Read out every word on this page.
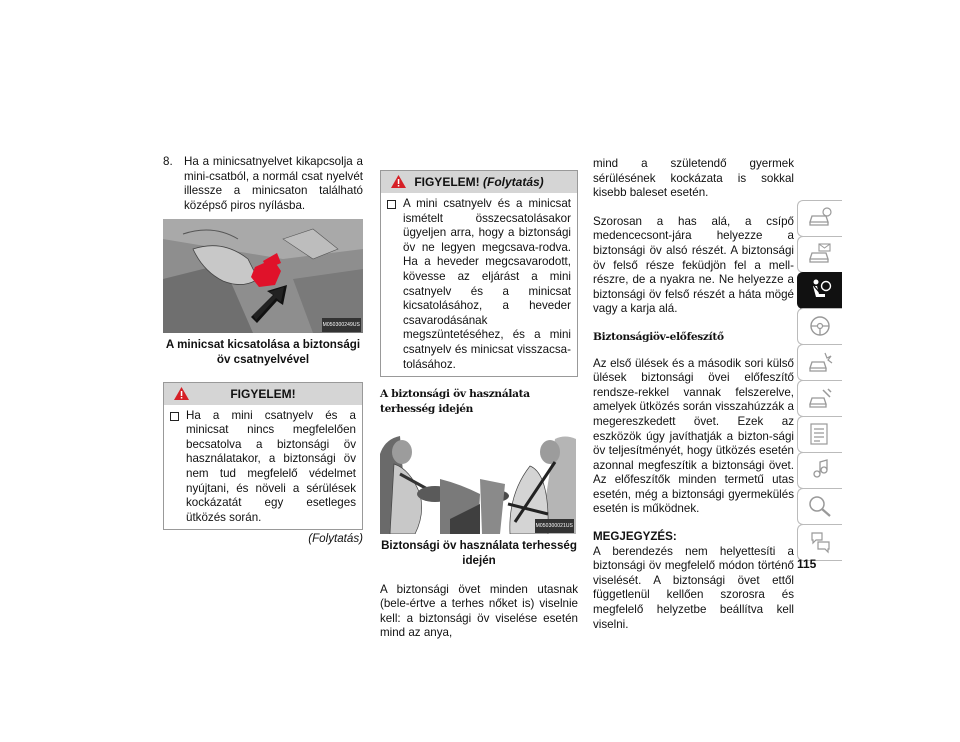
8. Ha a minicsatnyelvet kikapcsolja a mini-csatból, a normál csat nyelvét illessze a minicsaton található középső piros nyílásba.
M050300249US
A minicsat kicsatolása a biztonsági öv csatnyelvével
FIGYELEM!
Ha a mini csatnyelv és a minicsat nincs megfelelően becsatolva a biztonsági öv használatakor, a biztonsági öv nem tud megfelelő védelmet nyújtani, és növeli a sérülések kockázatát egy esetleges ütközés során.
(Folytatás)
FIGYELEM! (Folytatás)
A mini csatnyelv és a minicsat ismételt összecsatolásakor ügyeljen arra, hogy a biztonsági öv ne legyen megcsava-rodva. Ha a heveder megcsavarodott, kövesse az eljárást a mini csatnyelv és a minicsat kicsatolásához, a heveder csavarodásának megszüntetéséhez, és a mini csatnyelv és minicsat visszacsa-tolásához.

A biztonsági öv használata terhesség idején

M050300021US
Biztonsági öv használata terhesség idején

A biztonsági övet minden utasnak (bele-értve a terhes nőket is) viselnie kell: a biztonsági öv viselése esetén mind az anya,

mind a születendő gyermek sérülésének kockázata is sokkal kisebb baleset esetén.

Szorosan a has alá, a csípő medencecsont-jára helyezze a biztonsági öv alsó részét. A biztonsági öv felső része feküdjön fel a mell-részre, de a nyakra ne. Ne helyezze a biztonsági öv felső részét a háta mögé vagy a karja alá.

Biztonságiöv-előfeszítő

Az első ülések és a második sori külső ülések biztonsági övei előfeszítő rendsze-rekkel vannak felszerelve, amelyek ütközés során visszahúzzák a megereszkedett övet. Ezek az eszközök úgy javíthatják a bizton-sági öv teljesítményét, hogy ütközés esetén azonnal megfeszítik a biztonsági övet. Az előfeszítők minden termetű utas esetén, még a biztonsági gyermekülés esetén is működnek.

MEGJEGYZÉS:

A berendezés nem helyettesíti a biztonsági öv megfelelő módon történő viselését. A biztonsági övet ettől függetlenül kellően szorosra és megfelelő helyzetbe beállítva kell viselni.

115
